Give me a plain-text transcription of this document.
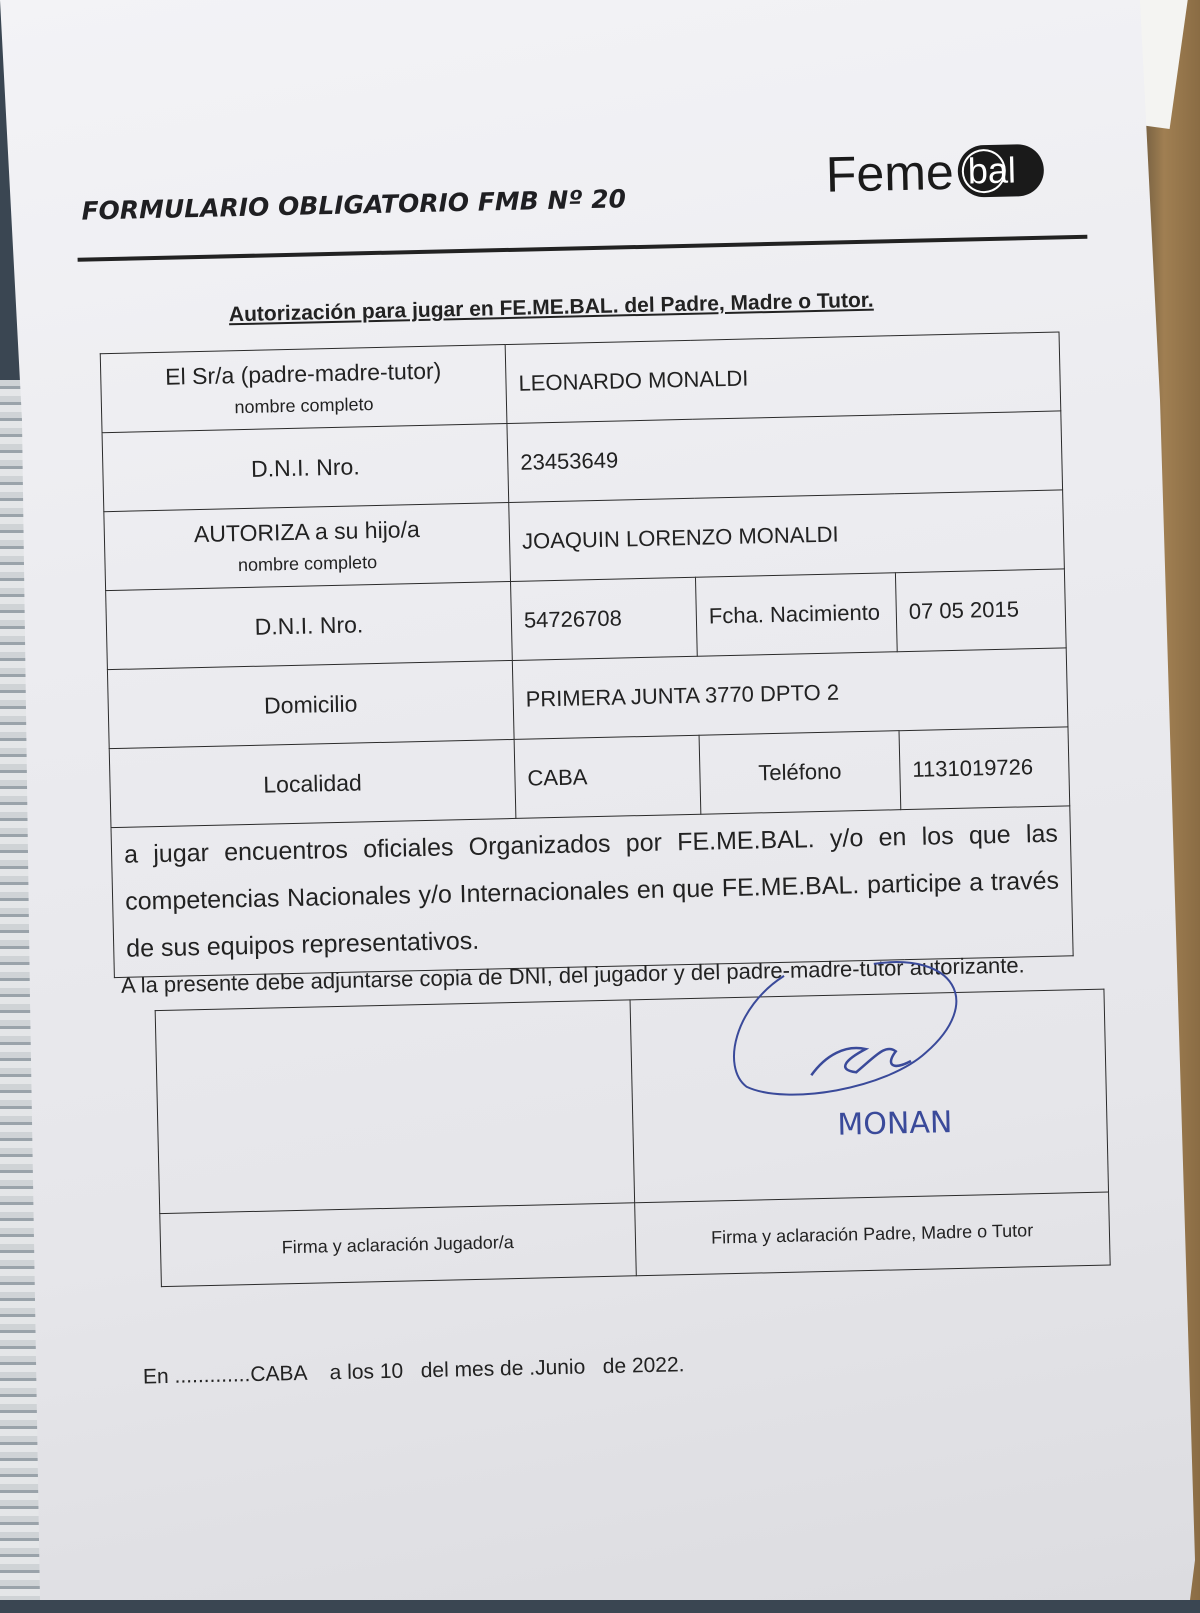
FORMULARIO OBLIGATORIO FMB Nº 20
Feme bal
Autorización para jugar en FE.ME.BAL. del Padre, Madre o Tutor.
El Sr/a (padre-madre-tutor)
nombre completo	LEONARDO MONALDI		
D.N.I. Nro.	23453649		
AUTORIZA a su hijo/a
nombre completo	JOAQUIN LORENZO MONALDI		
D.N.I. Nro.	54726708	Fcha. Nacimiento	07 05 2015
Domicilio	PRIMERA JUNTA 3770 DPTO 2		
Localidad	CABA	Teléfono	1131019726
a jugar encuentros oficiales Organizados por FE.ME.BAL. y/o en los que las competencias Nacionales y/o Internacionales en que FE.ME.BAL. participe a través de sus equipos representativos.			
A la presente debe adjuntarse copia de DNI, del jugador y del padre-madre-tutor autorizante.

Firma y aclaración Jugador/a	Firma y aclaración Padre, Madre o Tutor
MONAN
En .............CABA    a los 10   del mes de .Junio   de 2022.
